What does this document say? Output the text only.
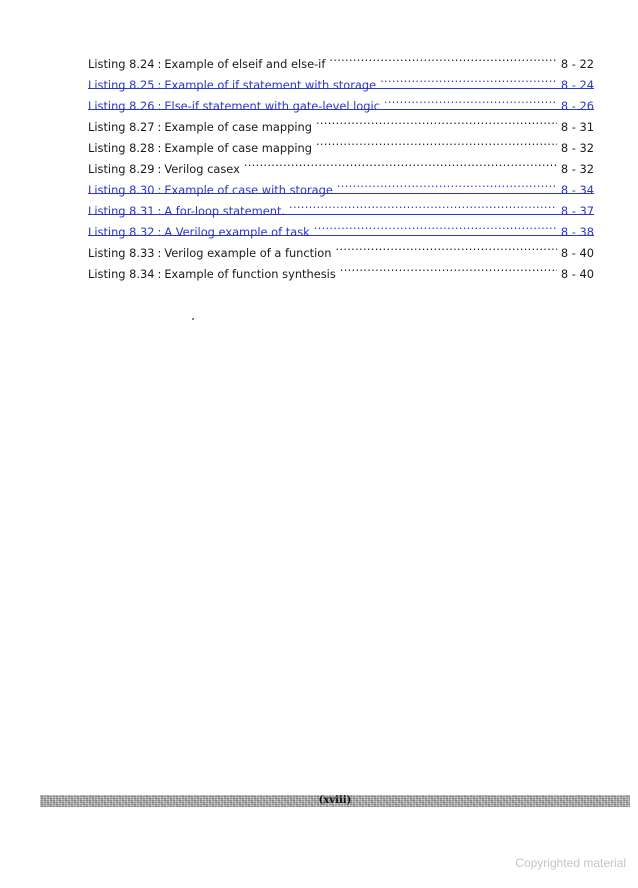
Listing 8.24 : Example of elseif and else-if .....	8 - 22
Listing 8.25 : Example of if statement with storage .....	8 - 24
Listing 8.26 : Else-if statement with gate-level logic .....	8 - 26
Listing 8.27 : Example of case mapping .....	8 - 31
Listing 8.28 : Example of case mapping .....	8 - 32
Listing 8.29 : Verilog casex .....	8 - 32
Listing 8.30 : Example of case with storage .....	8 - 34
Listing 8.31 : A for-loop statement. .....	8 - 37
Listing 8.32 : A Verilog example of task .....	8 - 38
Listing 8.33 : Verilog example of a function .....	8 - 40
Listing 8.34 : Example of function synthesis .....	8 - 40
(xviii)
Copyrighted material
